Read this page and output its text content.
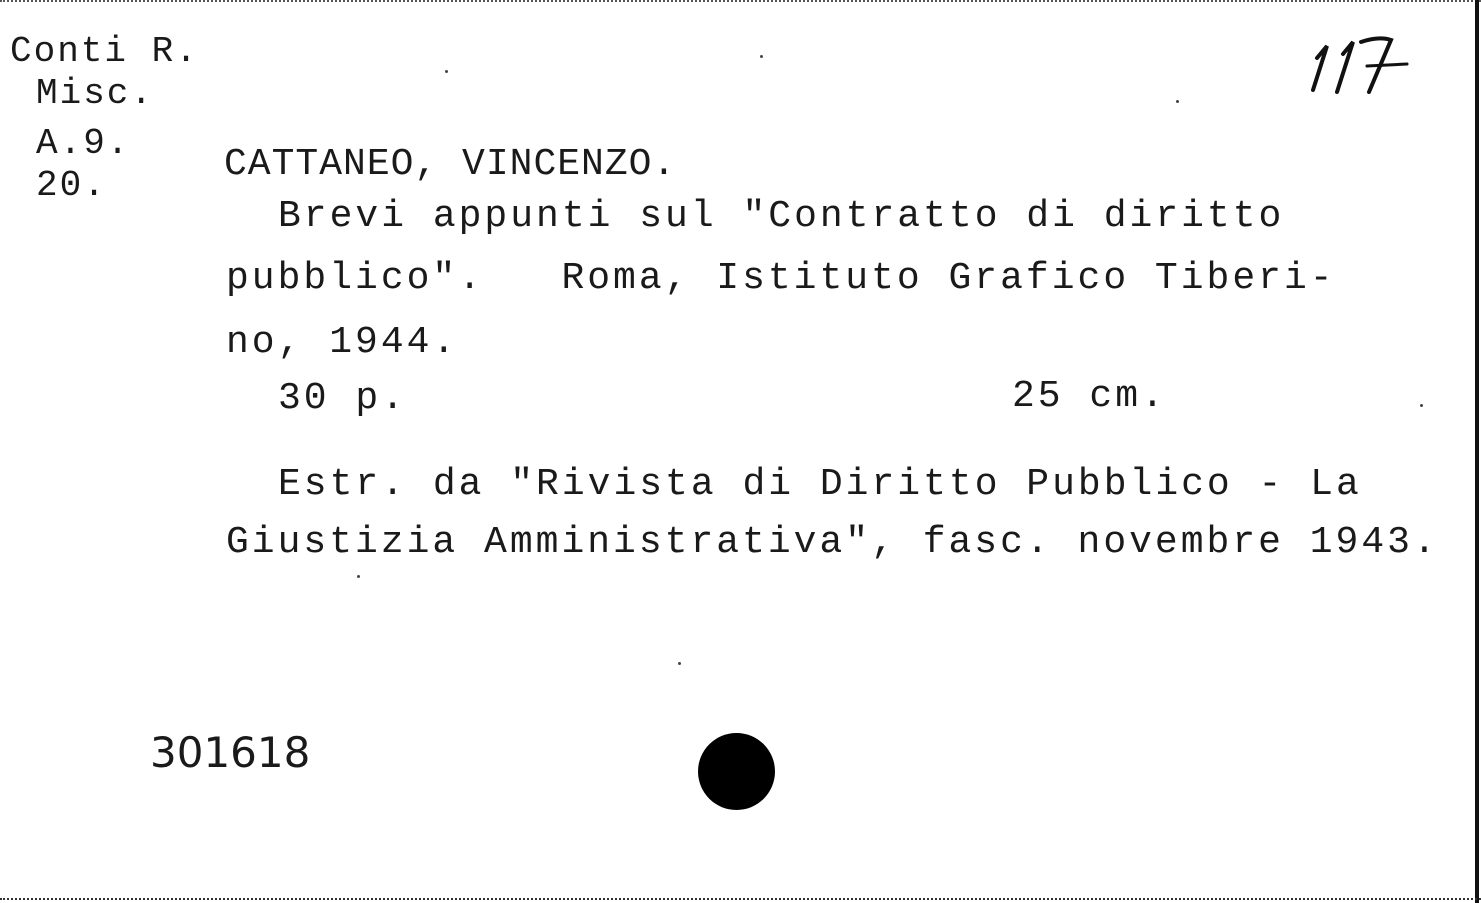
Conti R.
Misc.
A.9.
20.	CATTANEO, VINCENZO.
Brevi appunti sul "Contratto di diritto
pubblico".   Roma, Istituto Grafico Tiberi-
no, 1944.
30 p.	25 cm.
Estr. da "Rivista di Diritto Pubblico - La
Giustizia Amministrativa", fasc. novembre 1943.
301618
